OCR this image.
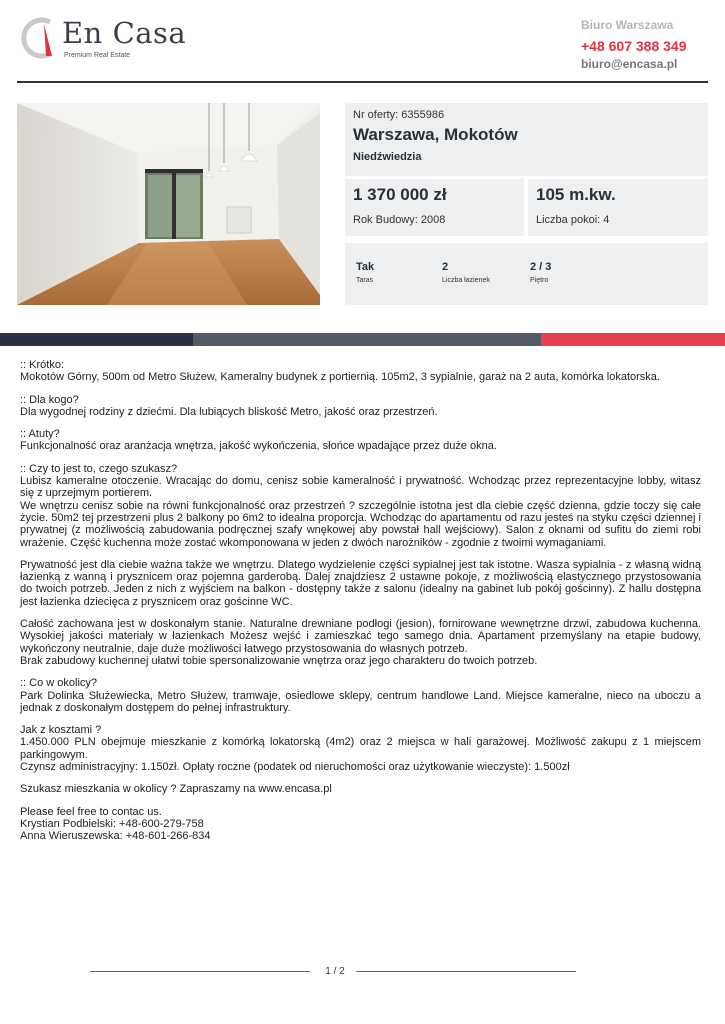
En Casa
Premium Real Estate
Biuro Warszawa
+48 607 388 349
biuro@encasa.pl
Nr oferty: 6355986
Warszawa, Mokotów
Niedźwiedzia
1 370 000 zł
Rok Budowy: 2008
105 m.kw.
Liczba pokoi: 4
Tak
Taras
2
Liczba łazienek
2 / 3
Piętro

:: Krótko:
Mokotów Górny, 500m od Metro Służew, Kameralny budynek z portiernią. 105m2, 3 sypialnie, garaż na 2 auta, komórka lokatorska.

:: Dla kogo?
Dla wygodnej rodziny z dziećmi. Dla lubiących bliskość Metro, jakość oraz przestrzeń.

:: Atuty?
Funkcjonalność oraz aranżacja wnętrza, jakość wykończenia, słońce wpadające przez duże okna.

:: Czy to jest to, czego szukasz?
Lubisz kameralne otoczenie. Wracając do domu, cenisz sobie kameralność i prywatność. Wchodząc przez reprezentacyjne lobby, witasz się z uprzejmym portierem.
We wnętrzu cenisz sobie na równi funkcjonalność oraz przestrzeń ? szczególnie istotna jest dla ciebie część dzienna, gdzie toczy się całe życie. 50m2 tej przestrzeni plus 2 balkony po 6m2 to idealna proporcja. Wchodząc do apartamentu od razu jesteś na styku części dziennej i prywatnej (z możliwością zabudowania podręcznej szafy wnękowej aby powstał hall wejściowy). Salon z oknami od sufitu do ziemi robi wrażenie. Część kuchenna może zostać wkomponowana w jeden z dwóch narożników - zgodnie z twoimi wymaganiami.

Prywatność jest dla ciebie ważna także we wnętrzu. Dlatego wydzielenie części sypialnej jest tak istotne. Wasza sypialnia - z własną widną łazienką z wanną i prysznicem oraz pojemna garderobą. Dalej znajdziesz 2 ustawne pokoje, z możliwością elastycznego przystosowania do twoich potrzeb. Jeden z nich z wyjściem na balkon - dostępny także z salonu (idealny na gabinet lub pokój gościnny). Z hallu dostępna jest łazienka dziecięca z prysznicem oraz gościnne WC.

Całość zachowana jest w doskonałym stanie. Naturalne drewniane podłogi (jesion), fornirowane wewnętrzne drzwi, zabudowa kuchenna. Wysokiej jakości materiały w łazienkach Możesz wejść i zamieszkać tego samego dnia. Apartament przemyślany na etapie budowy, wykończony neutralnie, daje duże możliwości łatwego przystosowania do własnych potrzeb.
Brak zabudowy kuchennej ułatwi tobie spersonalizowanie wnętrza oraz jego charakteru do twoich potrzeb.

:: Co w okolicy?
Park Dolinka Służewiecka, Metro Służew, tramwaje, osiedlowe sklepy, centrum handlowe Land. Miejsce kameralne, nieco na uboczu a jednak z doskonałym dostępem do pełnej infrastruktury.

Jak z kosztami ?
1.450.000 PLN obejmuje mieszkanie z komórką lokatorską (4m2) oraz 2 miejsca w hali garażowej. Możliwość zakupu z 1 miejscem parkingowym.
Czynsz administracyjny: 1.150zł. Opłaty roczne (podatek od nieruchomości oraz użytkowanie wieczyste): 1.500zł

Szukasz mieszkania w okolicy ? Zapraszamy na www.encasa.pl

Please feel free to contac us.
Krystian Podbielski: +48-600-279-758
Anna Wieruszewska: +48-601-266-834

1 / 2
